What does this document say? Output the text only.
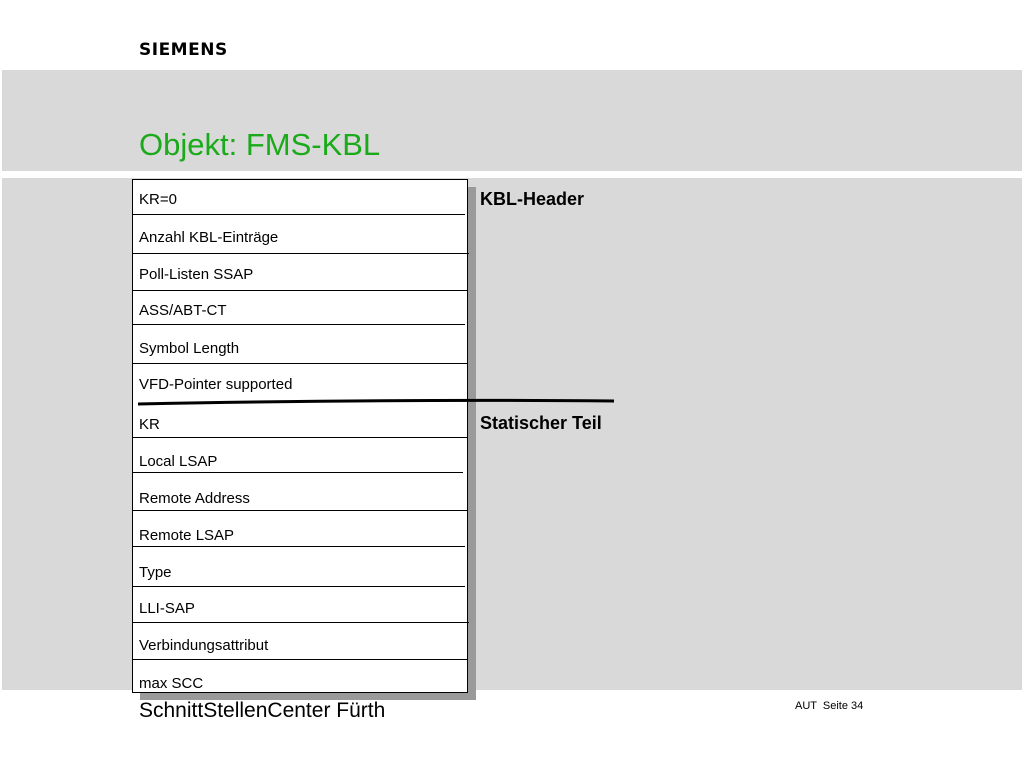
SIEMENS
Objekt: FMS-KBL
KR=0
Anzahl KBL-Einträge
Poll-Listen SSAP
ASS/ABT-CT
Symbol Length
VFD-Pointer supported
KR
Local LSAP
Remote Address
Remote LSAP
Type
LLI-SAP
Verbindungsattribut
max SCC
KBL-Header
Statischer Teil
SchnittStellenCenter Fürth	AUT  Seite 34
